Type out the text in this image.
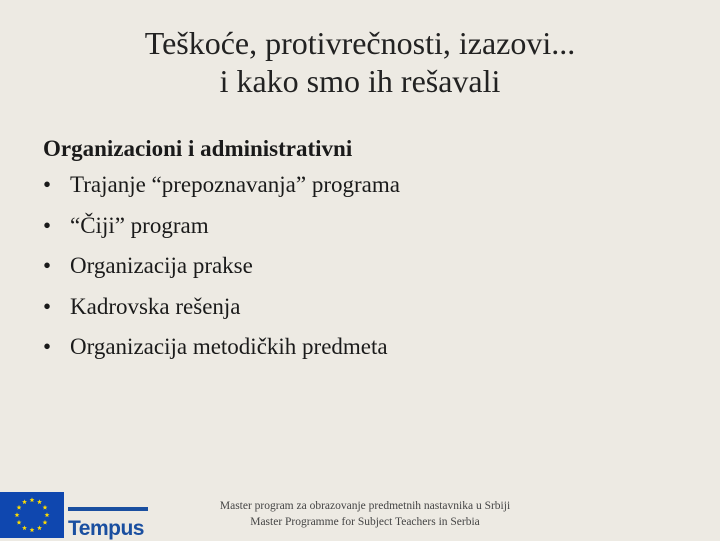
Teškoće, protivrečnosti, izazovi...
i kako smo ih rešavali
Organizacioni i administrativni
• Trajanje “prepoznavanja” programa
• “Čiji” program
• Organizacija prakse
• Kadrovska rešenja
• Organizacija metodičkih predmeta
Tempus
Master program za obrazovanje predmetnih nastavnika u Srbiji
Master Programme for Subject Teachers in Serbia
